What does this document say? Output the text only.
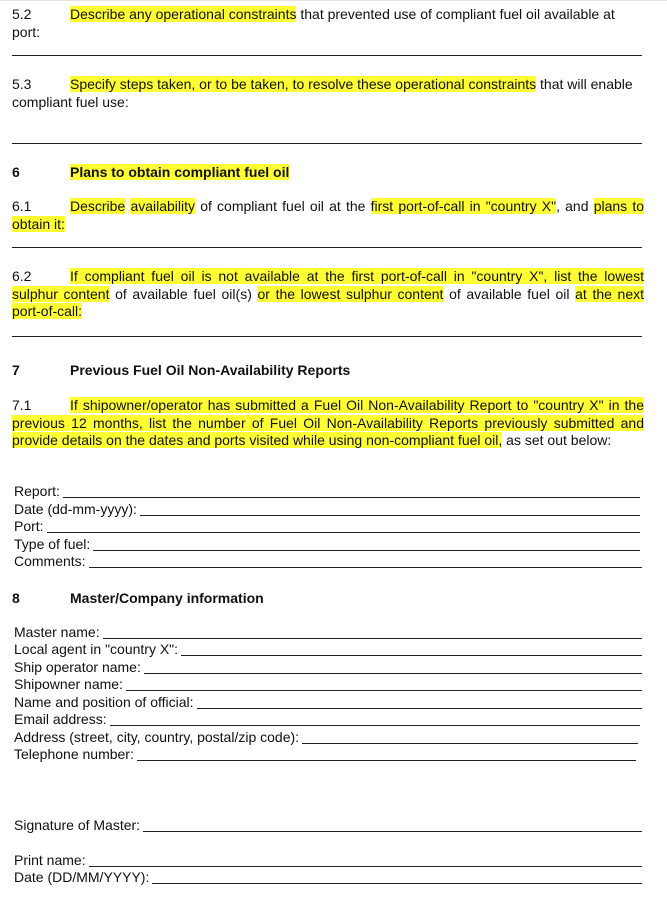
5.2	Describe any operational constraints that prevented use of compliant fuel oil available at port:
5.3	Specify steps taken, or to be taken, to resolve these operational constraints that will enable compliant fuel use:
6	Plans to obtain compliant fuel oil
6.1	Describe availability of compliant fuel oil at the first port-of-call in "country X", and plans to obtain it:
6.2	If compliant fuel oil is not available at the first port-of-call in "country X", list the lowest sulphur content of available fuel oil(s) or the lowest sulphur content of available fuel oil at the next port-of-call:
7	Previous Fuel Oil Non-Availability Reports
7.1	If shipowner/operator has submitted a Fuel Oil Non-Availability Report to "country X" in the previous 12 months, list the number of Fuel Oil Non-Availability Reports previously submitted and provide details on the dates and ports visited while using non-compliant fuel oil, as set out below:
Report:
Date (dd-mm-yyyy):
Port:
Type of fuel:
Comments:
8	Master/Company information
Master name:
Local agent in "country X":
Ship operator name:
Shipowner name:
Name and position of official:
Email address:
Address (street, city, country, postal/zip code):
Telephone number:
Signature of Master:
Print name:
Date (DD/MM/YYYY):
